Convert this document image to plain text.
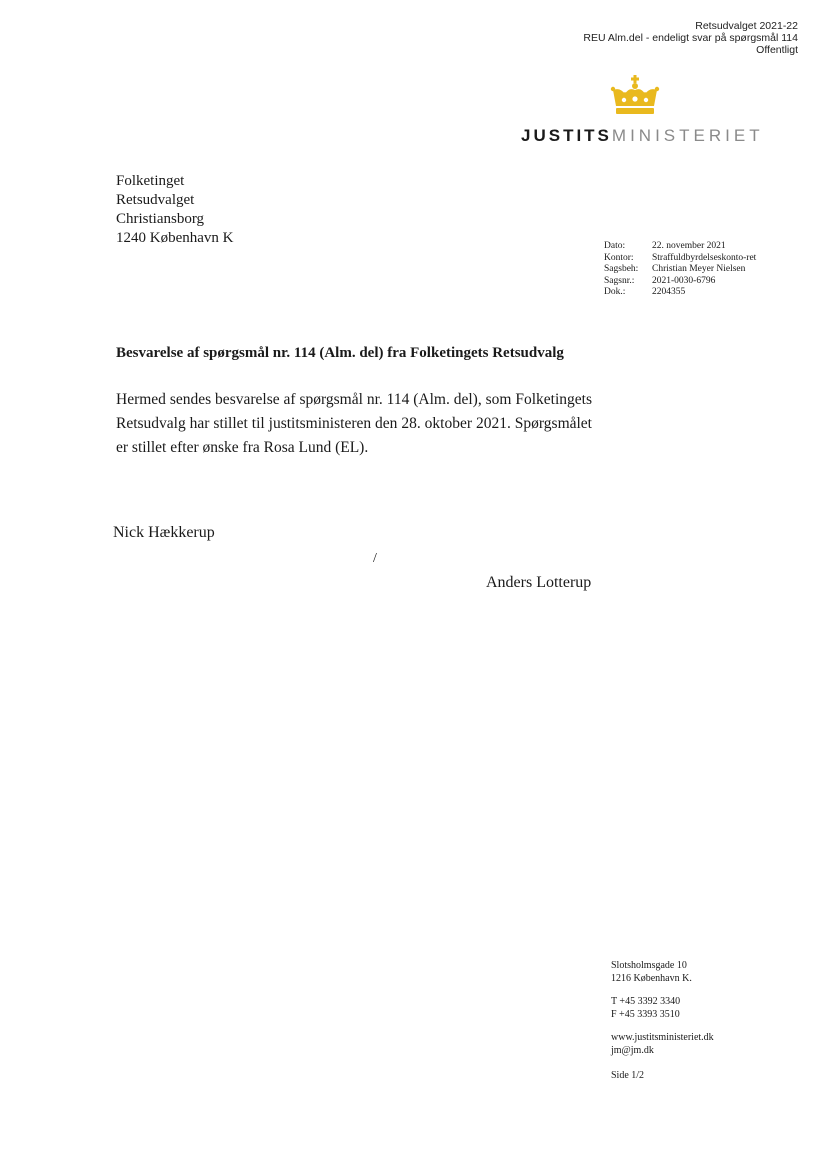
Retsudvalget 2021-22
REU Alm.del - endeligt svar på spørgsmål 114
Offentligt
JUSTITSMINISTERIET
Folketinget
Retsudvalget
Christiansborg
1240 København K	Dato:	22. november 2021
Kontor:	Straffuldbyrdelseskonto-ret
Sagsbeh:	Christian Meyer Nielsen
Sagsnr.:	2021-0030-6796
Dok.:	2204355
Besvarelse af spørgsmål nr. 114 (Alm. del) fra Folketingets Retsudvalg
Hermed sendes besvarelse af spørgsmål nr. 114 (Alm. del), som Folketingets Retsudvalg har stillet til justitsministeren den 28. oktober 2021. Spørgsmålet er stillet efter ønske fra Rosa Lund (EL).
Nick Hækkerup
/
Anders Lotterup
Slotsholmsgade 10
1216 København K.
T +45 3392 3340
F +45 3393 3510
www.justitsministeriet.dk
jm@jm.dk
Side 1/2
